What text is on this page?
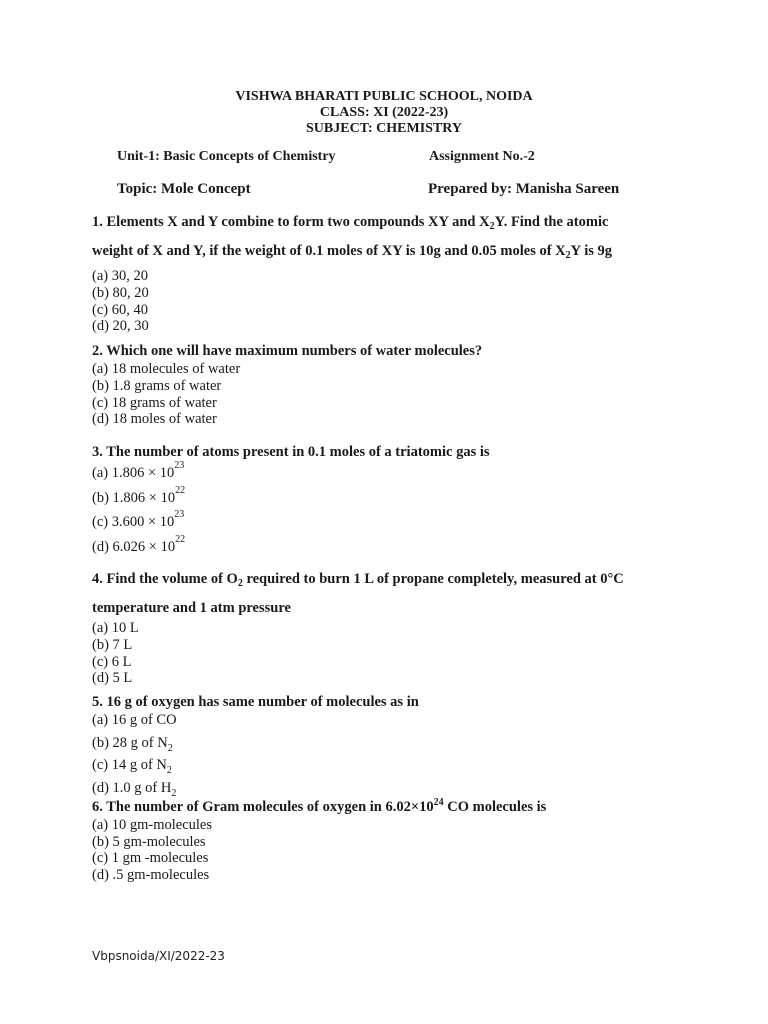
VISHWA BHARATI PUBLIC SCHOOL, NOIDA
CLASS: XI (2022-23)
SUBJECT: CHEMISTRY
Unit-1: Basic Concepts of Chemistry	Assignment No.-2
Topic: Mole Concept	Prepared by: Manisha Sareen
1. Elements X and Y combine to form two compounds XY and $X_2Y$. Find the atomic
weight of X and Y, if the weight of 0.1 moles of XY is 10g and 0.05 moles of $X_2Y$ is 9g
(a) 30, 20
(b) 80, 20
(c) 60, 40
(d) 20, 30
2. Which one will have maximum numbers of water molecules?
(a) 18 molecules of water
(b) 1.8 grams of water
(c) 18 grams of water
(d) 18 moles of water
3. The number of atoms present in 0.1 moles of a triatomic gas is
(a) $1.806 \times 10^{23}$
(b) $1.806 \times 10^{22}$
(c) $3.600 \times 10^{23}$
(d) $6.026 \times 10^{22}$
4. Find the volume of $O_2$ required to burn 1 L of propane completely, measured at 0°C
temperature and 1 atm pressure
(a) 10 L
(b) 7 L
(c) 6 L
(d) 5 L
5. 16 g of oxygen has same number of molecules as in
(a) 16 g of CO
(b) 28 g of $N_2$
(c) 14 g of $N_2$
(d) 1.0 g of $H_2$
6. The number of Gram molecules of oxygen in $6.02\times 10^{24}$ CO molecules is
(a) 10 gm-molecules
(b) 5 gm-molecules
(c) 1 gm -molecules
(d) .5 gm-molecules
Vbpsnoida/XI/2022-23
